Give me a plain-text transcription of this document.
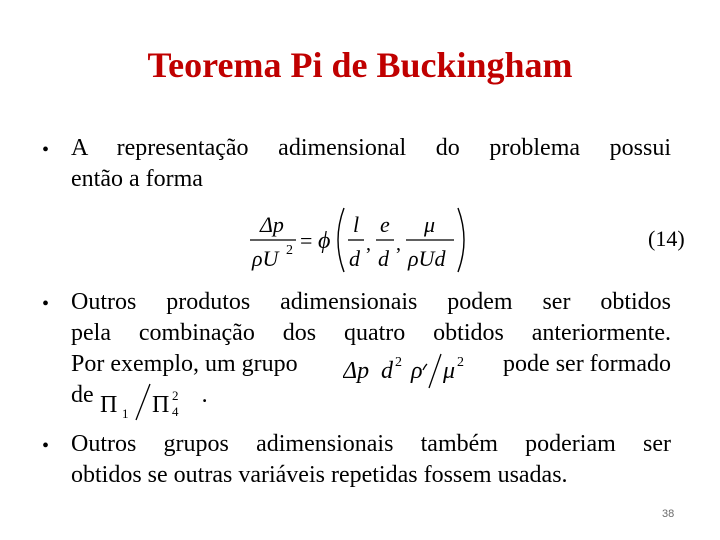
Teorema Pi de Buckingham
• A representação adimensional do problema possui
então a forma
Δp
ρU 2 = ϕ
l
d
,
e
d
,
μ
ρUd
(14)
• Outros produtos adimensionais podem ser obtidos
pela combinação dos quatro obtidos anteriormente.
Por exemplo, um grupo	pode ser formado
de	.
Δp d 2 ρ μ 2
Π 1 Π 2
4
• Outros grupos adimensionais também poderiam ser
obtidos se outras variáveis repetidas fossem usadas.
38
